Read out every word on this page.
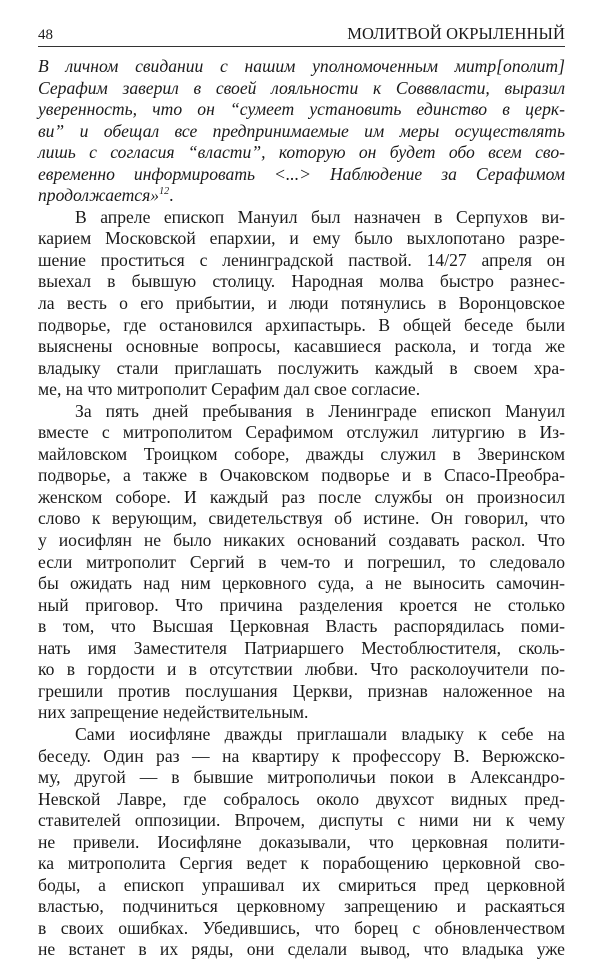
48	МОЛИТВОЙ ОКРЫЛЕННЫЙ
В личном свидании с нашим уполномоченным митр[ополит]
Серафим заверил в своей лояльности к Совввласти, выразил
уверенность, что он “сумеет установить единство в церк-
ви” и обещал все предпринимаемые им меры осуществлять
лишь с согласия “власти”, которую он будет обо всем сво-
евременно информировать <...> Наблюдение за Серафимом
продолжается»$^{12}$.
В апреле епископ Мануил был назначен в Серпухов ви-
карием Московской епархии, и ему было выхлопотано разре-
шение проститься с ленинградской паствой. 14/27 апреля он
выехал в бывшую столицу. Народная молва быстро разнес-
ла весть о его прибытии, и люди потянулись в Воронцовское
подворье, где остановился архипастырь. В общей беседе были
выяснены основные вопросы, касавшиеся раскола, и тогда же
владыку стали приглашать послужить каждый в своем хра-
ме, на что митрополит Серафим дал свое согласие.
За пять дней пребывания в Ленинграде епископ Мануил
вместе с митрополитом Серафимом отслужил литургию в Из-
майловском Троицком соборе, дважды служил в Зверинском
подворье, а также в Очаковском подворье и в Спасо-Преобра-
женском соборе. И каждый раз после службы он произносил
слово к верующим, свидетельствуя об истине. Он говорил, что
у иосифлян не было никаких оснований создавать раскол. Что
если митрополит Сергий в чем-то и погрешил, то следовало
бы ожидать над ним церковного суда, а не выносить самочин-
ный приговор. Что причина разделения кроется не столько
в том, что Высшая Церковная Власть распорядилась поми-
нать имя Заместителя Патриаршего Местоблюстителя, сколь-
ко в гордости и в отсутствии любви. Что расколоучители по-
грешили против послушания Церкви, признав наложенное на
них запрещение недействительным.
Сами иосифляне дважды приглашали владыку к себе на
беседу. Один раз — на квартиру к профессору В. Верюжско-
му, другой — в бывшие митрополичьи покои в Александро-
Невской Лавре, где собралось около двухсот видных пред-
ставителей оппозиции. Впрочем, диспуты с ними ни к чему
не привели. Иосифляне доказывали, что церковная полити-
ка митрополита Сергия ведет к порабощению церковной сво-
боды, а епископ упрашивал их смириться пред церковной
властью, подчиниться церковному запрещению и раскаяться
в своих ошибках. Убедившись, что борец с обновленчеством
не встанет в их ряды, они сделали вывод, что владыка уже
